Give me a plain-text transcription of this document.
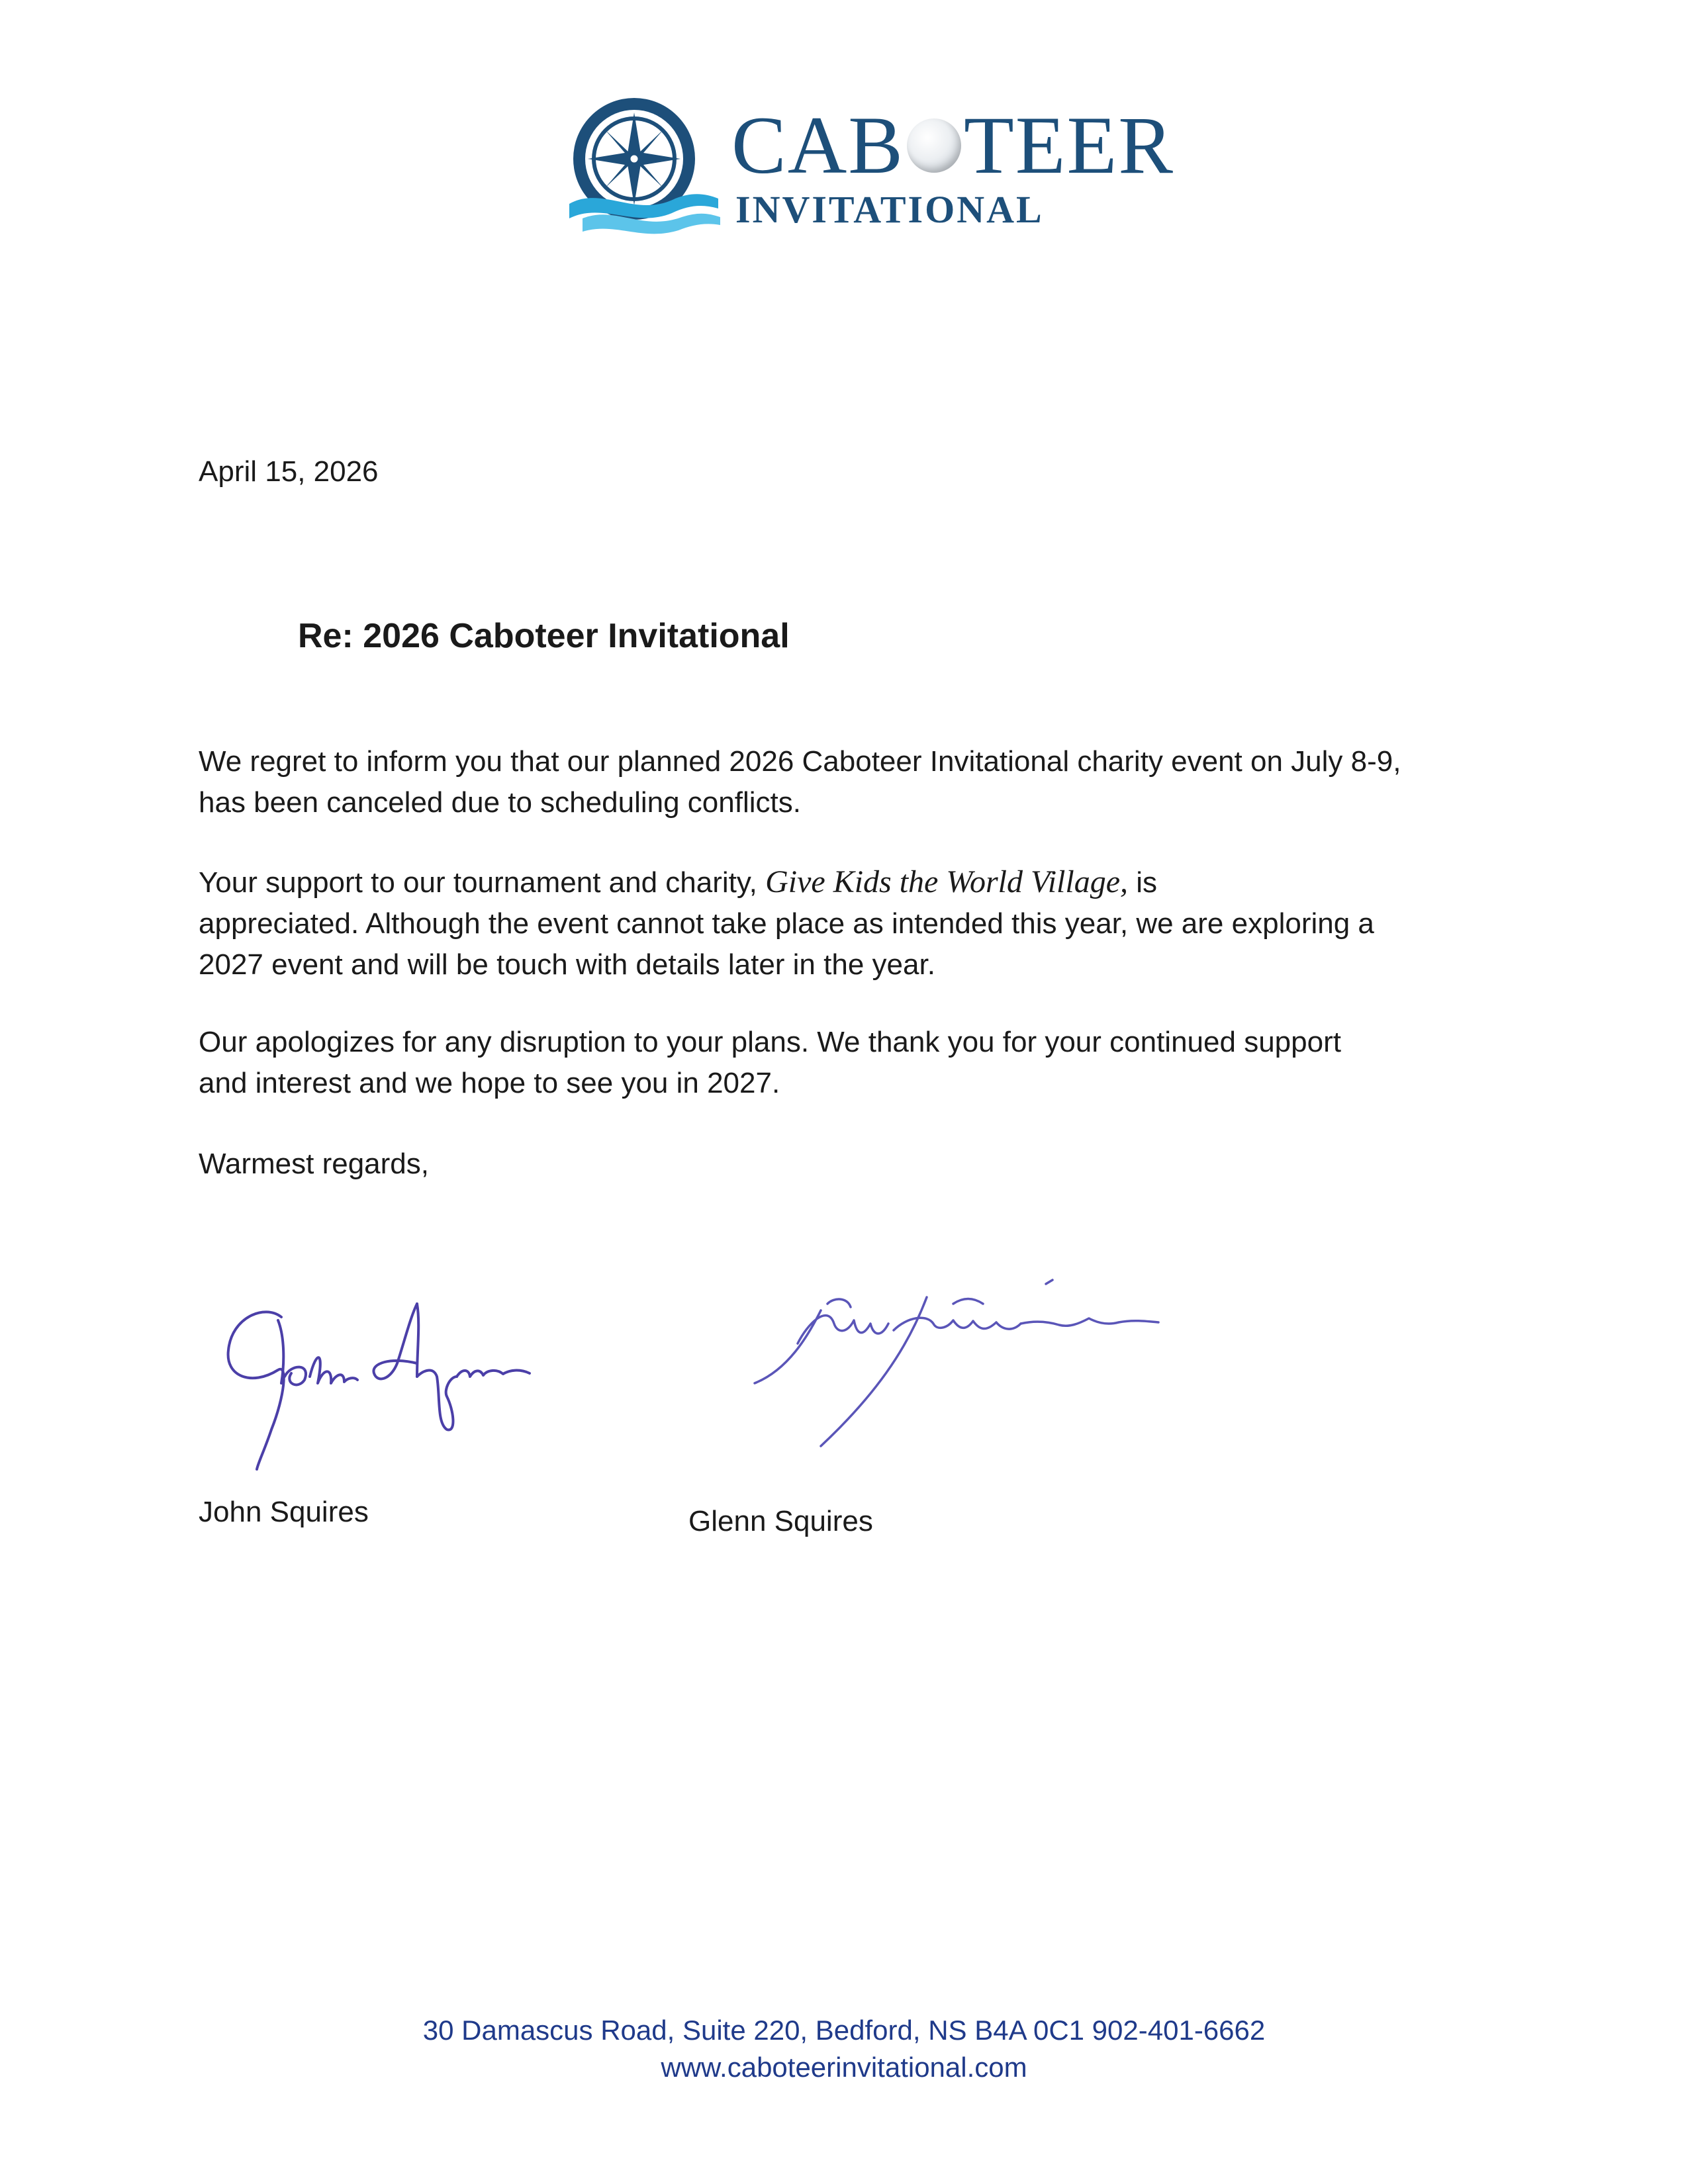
CAB TEER
INVITATIONAL
April 15, 2026
Re: 2026 Caboteer Invitational
We regret to inform you that our planned 2026 Caboteer Invitational charity event on July 8-9,
has been canceled due to scheduling conflicts.
Your support to our tournament and charity, Give Kids the World Village, is
appreciated. Although the event cannot take place as intended this year, we are exploring a
2027 event and will be touch with details later in the year.
Our apologizes for any disruption to your plans. We thank you for your continued support
and interest and we hope to see you in 2027.
Warmest regards,
John Squires	Glenn Squires
30 Damascus Road, Suite 220, Bedford, NS B4A 0C1 902-401-6662
www.caboteerinvitational.com
